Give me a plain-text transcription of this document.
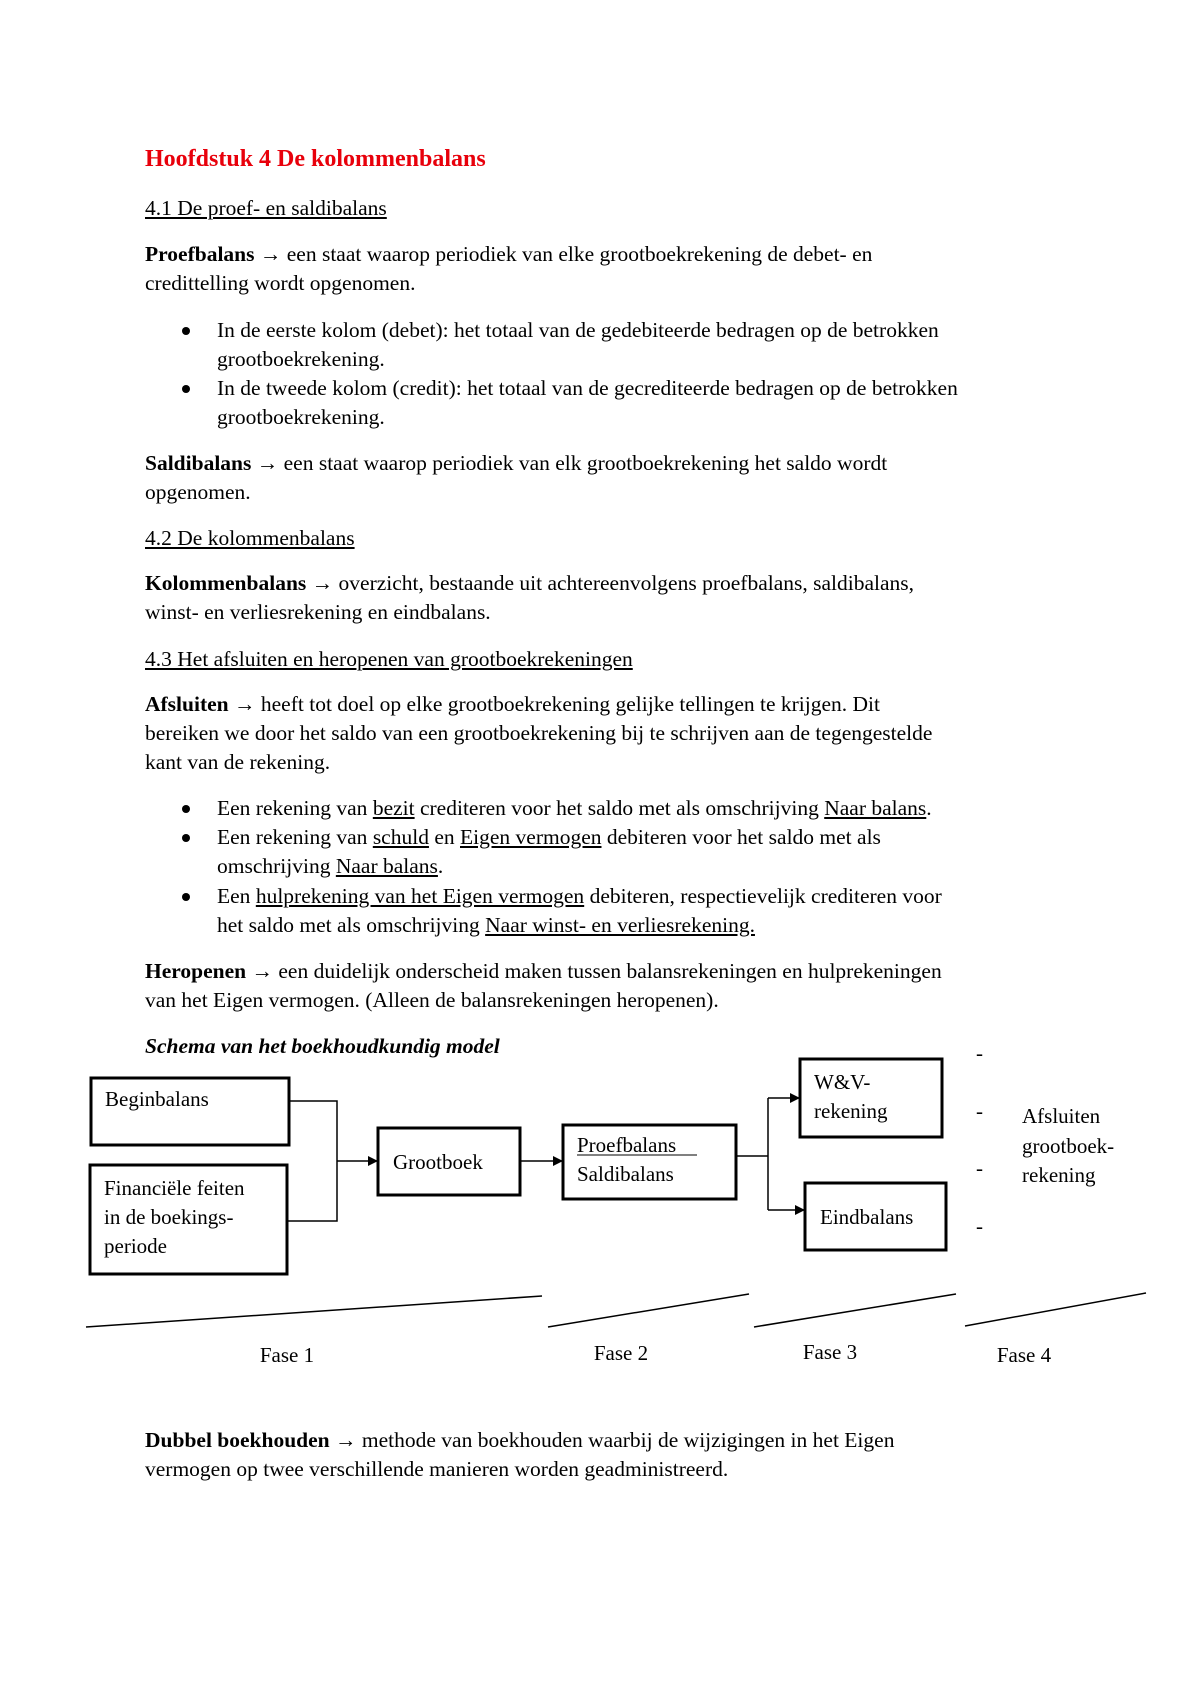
Hoofdstuk 4 De kolommenbalans
4.1 De proef- en saldibalans
Proefbalans → een staat waarop periodiek van elke grootboekrekening de debet- en
credittelling wordt opgenomen.
In de eerste kolom (debet): het totaal van de gedebiteerde bedragen op de betrokken
grootboekrekening.
In de tweede kolom (credit): het totaal van de gecrediteerde bedragen op de betrokken
grootboekrekening.
Saldibalans → een staat waarop periodiek van elk grootboekrekening het saldo wordt
opgenomen.
4.2 De kolommenbalans
Kolommenbalans → overzicht, bestaande uit achtereenvolgens proefbalans, saldibalans,
winst- en verliesrekening en eindbalans.
4.3 Het afsluiten en heropenen van grootboekrekeningen
Afsluiten → heeft tot doel op elke grootboekrekening gelijke tellingen te krijgen. Dit
bereiken we door het saldo van een grootboekrekening bij te schrijven aan de tegengestelde
kant van de rekening.
Een rekening van bezit crediteren voor het saldo met als omschrijving Naar balans.
Een rekening van schuld en Eigen vermogen debiteren voor het saldo met als
omschrijving Naar balans.
Een hulprekening van het Eigen vermogen debiteren, respectievelijk crediteren voor
het saldo met als omschrijving Naar winst- en verliesrekening.
Heropenen → een duidelijk onderscheid maken tussen balansrekeningen en hulprekeningen
van het Eigen vermogen. (Alleen de balansrekeningen heropenen).
Schema van het boekhoudkundig model
Dubbel boekhouden → methode van boekhouden waarbij de wijzigingen in het Eigen
vermogen op twee verschillende manieren worden geadministreerd.
Beginbalans
Financiële feiten
in de boekings-
periode
Grootboek
Proefbalans
Saldibalans
W&V-
rekening
Eindbalans
-
-
-
-
Afsluiten
grootboek-
rekening
Fase 1	Fase 2	Fase 3	Fase 4
